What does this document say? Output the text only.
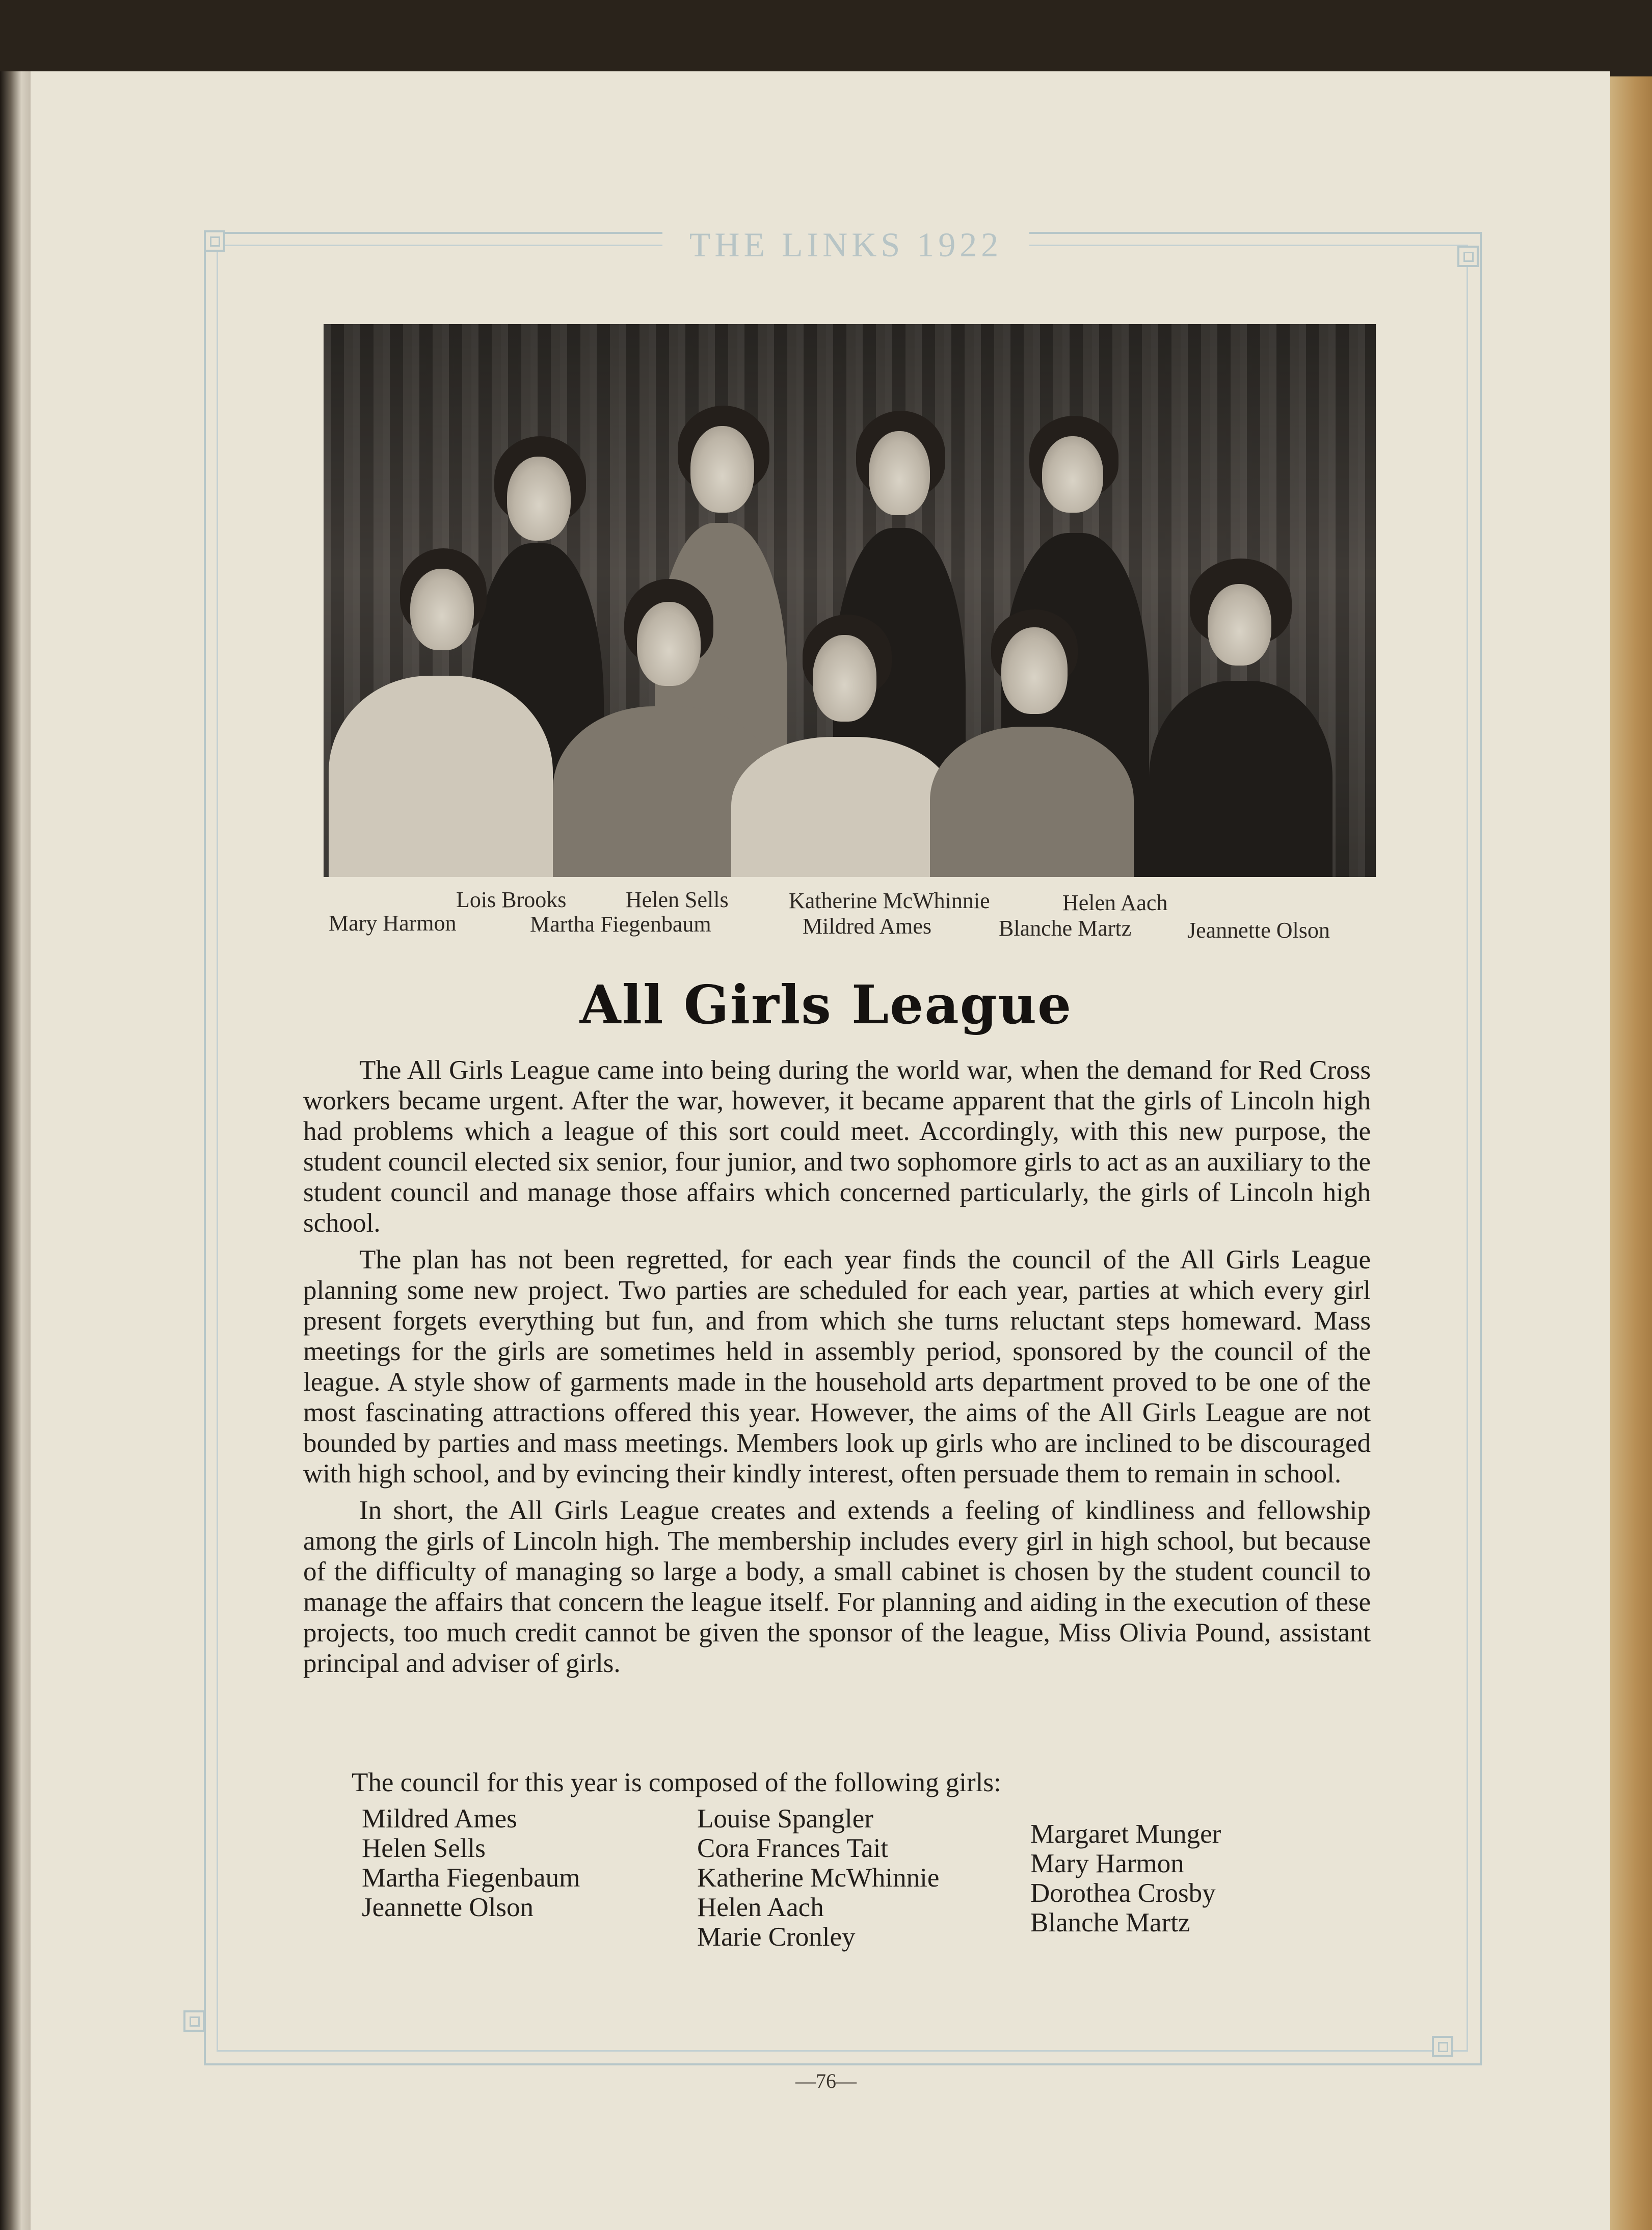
THE LINKS 1922
Lois Brooks	Helen Sells	Katherine McWhinnie	Helen Aach
Mary Harmon	Martha Fiegenbaum	Mildred Ames	Blanche Martz Jeannette Olson
All Girls League

The All Girls League came into being during the world war, when the demand for Red Cross workers became urgent. After the war, however, it became apparent that the girls of Lincoln high had problems which a league of this sort could meet. Accordingly, with this new purpose, the student council elected six senior, four junior, and two sophomore girls to act as an auxiliary to the student council and manage those affairs which concerned particularly, the girls of Lincoln high school.

The plan has not been regretted, for each year finds the council of the All Girls League planning some new project. Two parties are scheduled for each year, parties at which every girl present forgets everything but fun, and from which she turns reluctant steps homeward. Mass meetings for the girls are sometimes held in assembly period, sponsored by the council of the league. A style show of garments made in the household arts department proved to be one of the most fascinating attractions offered this year. However, the aims of the All Girls League are not bounded by parties and mass meetings. Members look up girls who are inclined to be discouraged with high school, and by evincing their kindly interest, often persuade them to remain in school.

In short, the All Girls League creates and extends a feeling of kindliness and fellowship among the girls of Lincoln high. The membership includes every girl in high school, but because of the difficulty of managing so large a body, a small cabinet is chosen by the student council to manage the affairs that concern the league itself. For planning and aiding in the execution of these projects, too much credit cannot be given the sponsor of the league, Miss Olivia Pound, assistant principal and adviser of girls.

The council for this year is composed of the following girls:
Mildred Ames
Helen Sells
Martha Fiegenbaum
Jeannette Olson
Louise Spangler
Cora Frances Tait
Katherine McWhinnie
Helen Aach
Marie Cronley
Margaret Munger
Mary Harmon
Dorothea Crosby
Blanche Martz
—76—
